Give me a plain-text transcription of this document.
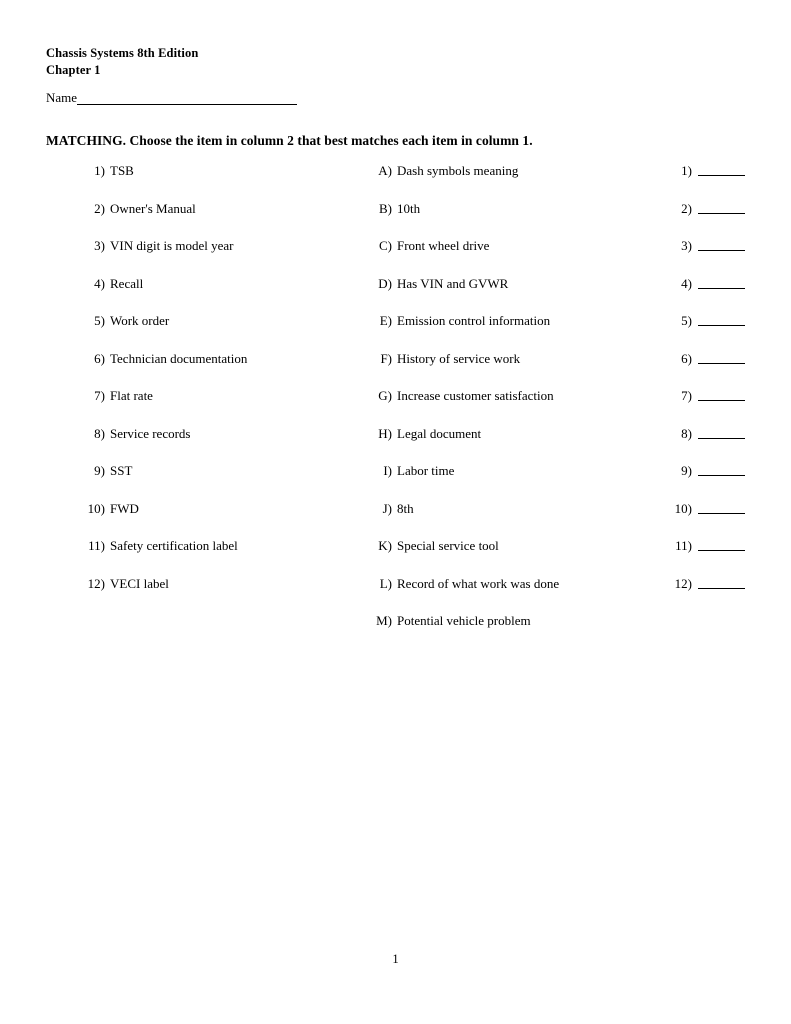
Chassis Systems 8th Edition
Chapter 1
Name
MATCHING. Choose the item in column 2 that best matches each item in column 1.
1) TSB
2) Owner's Manual
3) VIN digit is model year
4) Recall
5) Work order
6) Technician documentation
7) Flat rate
8) Service records
9) SST
10) FWD
11) Safety certification label
12) VECI label
A) Dash symbols meaning
B) 10th
C) Front wheel drive
D) Has VIN and GVWR
E) Emission control information
F) History of service work
G) Increase customer satisfaction
H) Legal document
I) Labor time
J) 8th
K) Special service tool
L) Record of what work was done
M) Potential vehicle problem
1)
2)
3)
4)
5)
6)
7)
8)
9)
10)
11)
12)
1
